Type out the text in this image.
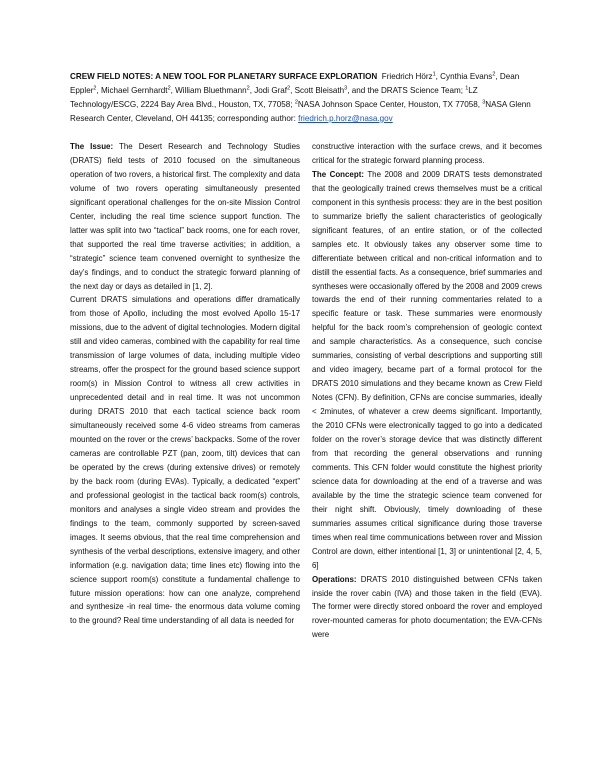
CREW FIELD NOTES: A NEW TOOL FOR PLANETARY SURFACE EXPLORATION Friedrich Hörz$^1$, Cynthia Evans$^2$, Dean Eppler$^2$, Michael Gernhardt$^2$, William Bluethmann$^2$, Jodi Graf$^2$, Scott Bleisath$^3$, and the DRATS Science Team; $^1$LZ Technology/ESCG, 2224 Bay Area Blvd., Houston, TX, 77058; $^2$NASA Johnson Space Center, Houston, TX 77058, $^3$NASA Glenn Research Center, Cleveland, OH 44135; corresponding author: friedrich.p.horz@nasa.gov

The Issue: The Desert Research and Technology Studies (DRATS) field tests of 2010 focused on the simultaneous operation of two rovers, a historical first. The complexity and data volume of two rovers operating simultaneously presented significant operational challenges for the on-site Mission Control Center, including the real time science support function. The latter was split into two “tactical” back rooms, one for each rover, that supported the real time traverse activities; in addition, a “strategic” science team convened overnight to synthesize the day’s findings, and to conduct the strategic forward planning of the next day or days as detailed in [1, 2].

Current DRATS simulations and operations differ dramatically from those of Apollo, including the most evolved Apollo 15-17 missions, due to the advent of digital technologies. Modern digital still and video cameras, combined with the capability for real time transmission of large volumes of data, including multiple video streams, offer the prospect for the ground based science support room(s) in Mission Control to witness all crew activities in unprecedented detail and in real time. It was not uncommon during DRATS 2010 that each tactical science back room simultaneously received some 4-6 video streams from cameras mounted on the rover or the crews’ backpacks. Some of the rover cameras are controllable PZT (pan, zoom, tilt) devices that can be operated by the crews (during extensive drives) or remotely by the back room (during EVAs). Typically, a dedicated “expert” and professional geologist in the tactical back room(s) controls, monitors and analyses a single video stream and provides the findings to the team, commonly supported by screen-saved images. It seems obvious, that the real time comprehension and synthesis of the verbal descriptions, extensive imagery, and other information (e.g. navigation data; time lines etc) flowing into the science support room(s) constitute a fundamental challenge to future mission operations: how can one analyze, comprehend and synthesize -in real time- the enormous data volume coming to the ground? Real time understanding of all data is needed for

constructive interaction with the surface crews, and it becomes critical for the strategic forward planning process.

The Concept: The 2008 and 2009 DRATS tests demonstrated that the geologically trained crews themselves must be a critical component in this synthesis process: they are in the best position to summarize briefly the salient characteristics of geologically significant features, of an entire station, or of the collected samples etc. It obviously takes any observer some time to differentiate between critical and non-critical information and to distill the essential facts. As a consequence, brief summaries and syntheses were occasionally offered by the 2008 and 2009 crews towards the end of their running commentaries related to a specific feature or task. These summaries were enormously helpful for the back room’s comprehension of geologic context and sample characteristics. As a consequence, such concise summaries, consisting of verbal descriptions and supporting still and video imagery, became part of a formal protocol for the DRATS 2010 simulations and they became known as Crew Field Notes (CFN). By definition, CFNs are concise summaries, ideally < 2minutes, of whatever a crew deems significant. Importantly, the 2010 CFNs were electronically tagged to go into a dedicated folder on the rover’s storage device that was distinctly different from that recording the general observations and running comments. This CFN folder would constitute the highest priority science data for downloading at the end of a traverse and was available by the time the strategic science team convened for their night shift. Obviously, timely downloading of these summaries assumes critical significance during those traverse times when real time communications between rover and Mission Control are down, either intentional [1, 3] or unintentional [2, 4, 5, 6]

Operations: DRATS 2010 distinguished between CFNs taken inside the rover cabin (IVA) and those taken in the field (EVA). The former were directly stored onboard the rover and employed rover-mounted cameras for photo documentation; the EVA-CFNs were
